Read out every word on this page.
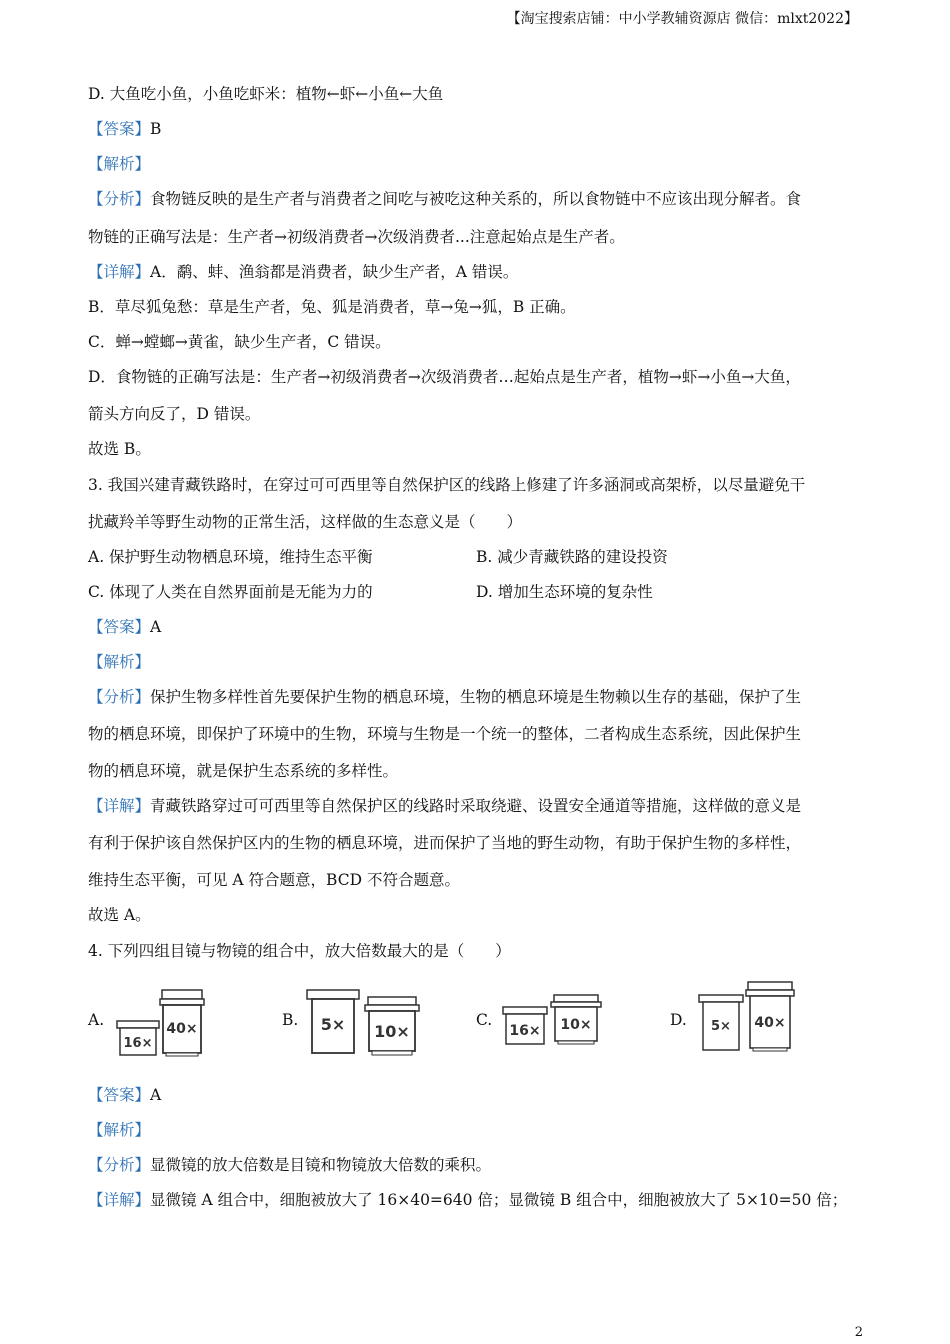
【淘宝搜索店铺：中小学教辅资源店 微信：mlxt2022】
D. 大鱼吃小鱼，小鱼吃虾米：植物←虾←小鱼←大鱼
【答案】B
【解析】
【分析】食物链反映的是生产者与消费者之间吃与被吃这种关系的，所以食物链中不应该出现分解者。食
物链的正确写法是：生产者→初级消费者→次级消费者...注意起始点是生产者。
【详解】A．鹬、蚌、渔翁都是消费者，缺少生产者，A 错误。
B．草尽狐兔愁：草是生产者，兔、狐是消费者，草→兔→狐，B 正确。
C．蝉→螳螂→黄雀，缺少生产者，C 错误。
D．食物链的正确写法是：生产者→初级消费者→次级消费者…起始点是生产者，植物→虾→小鱼→大鱼，
箭头方向反了，D 错误。
故选 B。
3. 我国兴建青藏铁路时，在穿过可可西里等自然保护区的线路上修建了许多涵洞或高架桥，以尽量避免干
扰藏羚羊等野生动物的正常生活，这样做的生态意义是（　　）
A. 保护野生动物栖息环境，维持生态平衡	B. 减少青藏铁路的建设投资
C. 体现了人类在自然界面前是无能为力的	D. 增加生态环境的复杂性
【答案】A
【解析】
【分析】保护生物多样性首先要保护生物的栖息环境，生物的栖息环境是生物赖以生存的基础，保护了生
物的栖息环境，即保护了环境中的生物，环境与生物是一个统一的整体，二者构成生态系统，因此保护生
物的栖息环境，就是保护生态系统的多样性。
【详解】青藏铁路穿过可可西里等自然保护区的线路时采取绕避、设置安全通道等措施，这样做的意义是
有利于保护该自然保护区内的生物的栖息环境，进而保护了当地的野生动物，有助于保护生物的多样性，
维持生态平衡，可见 A 符合题意，BCD 不符合题意。
故选 A。
4. 下列四组目镜与物镜的组合中，放大倍数最大的是（　　）
A.
16×
40×	B. 5× 10×
C.
16× 10×	D. 5× 40×
【答案】A
【解析】
【分析】显微镜的放大倍数是目镜和物镜放大倍数的乘积。
【详解】显微镜 A 组合中，细胞被放大了 16×40=640 倍；显微镜 B 组合中，细胞被放大了 5×10=50 倍；
2
